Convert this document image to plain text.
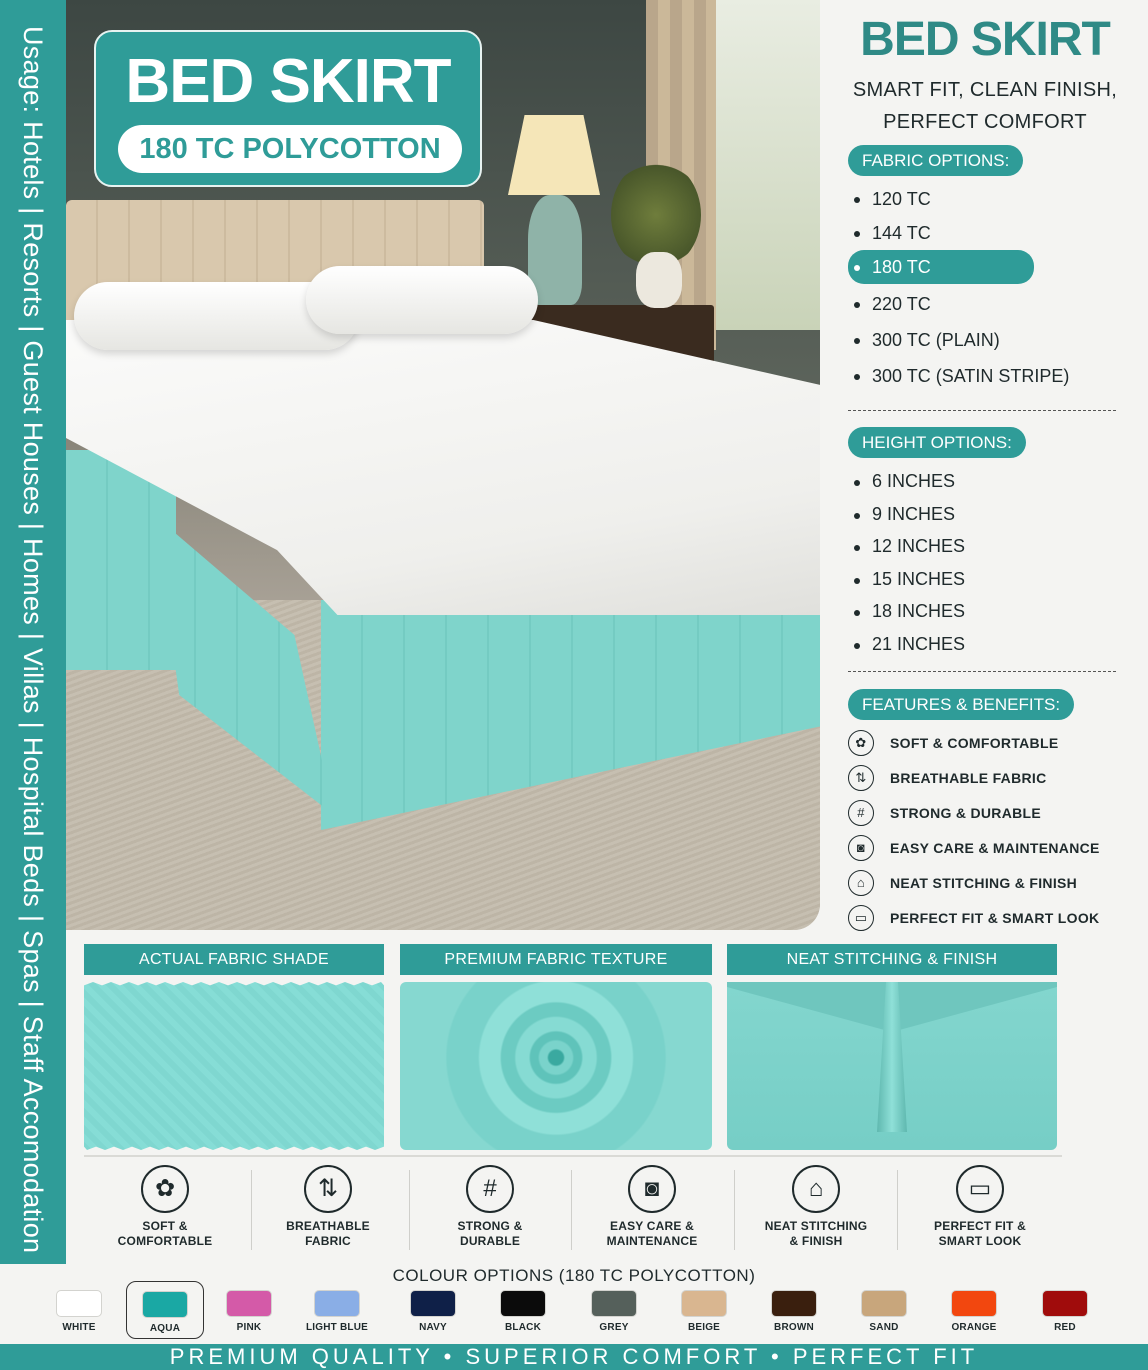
Usage: Hotels | Resorts | Guest Houses | Homes | Villas | Hospital Beds | Spas | Staff Accomodation	BED SKIRT
180 TC POLYCOTTON
BED SKIRT
SMART FIT, CLEAN FINISH,
PERFECT COMFORT
FABRIC OPTIONS:
120 TC
144 TC
180 TC
220 TC
300 TC (PLAIN)
300 TC (SATIN STRIPE)
HEIGHT OPTIONS:
6 INCHES
9 INCHES
12 INCHES
15 INCHES
18 INCHES
21 INCHES
FEATURES & BENEFITS:
✿	SOFT & COMFORTABLE
⇅	BREATHABLE FABRIC
#	STRONG & DURABLE
◙	EASY CARE & MAINTENANCE
⌂	NEAT STITCHING & FINISH
▭	PERFECT FIT & SMART LOOK
ACTUAL FABRIC SHADE	PREMIUM FABRIC TEXTURE	NEAT STITCHING & FINISH
✿
SOFT &
COMFORTABLE
⇅
BREATHABLE
FABRIC
#
STRONG &
DURABLE
◙
EASY CARE &
MAINTENANCE
⌂
NEAT STITCHING
& FINISH
▭
PERFECT FIT &
SMART LOOK
COLOUR OPTIONS (180 TC POLYCOTTON)
WHITE	AQUA	PINK	LIGHT BLUE	NAVY	BLACK	GREY	BEIGE	BROWN	SAND	ORANGE	RED
PREMIUM QUALITY • SUPERIOR COMFORT • PERFECT FIT
